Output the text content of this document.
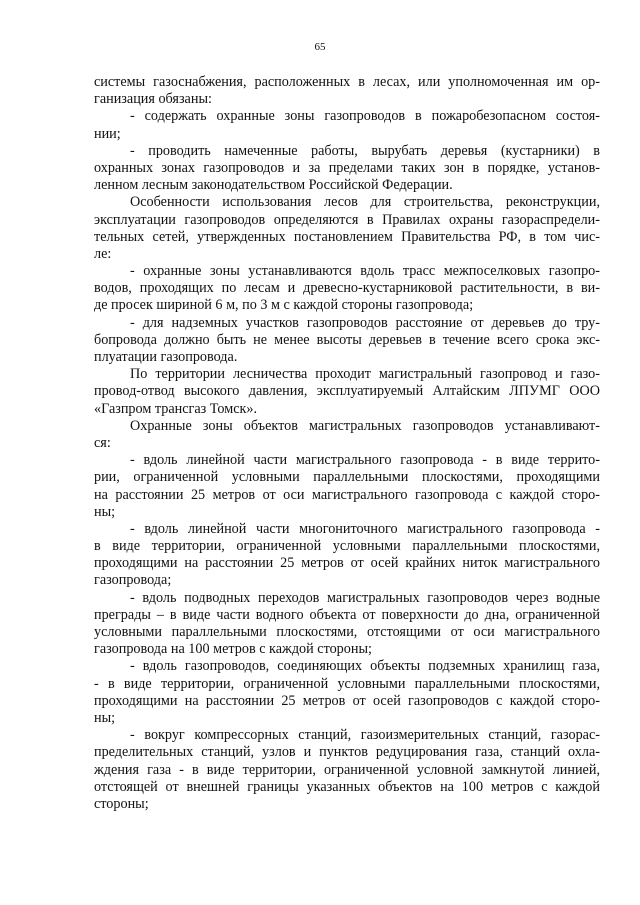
65
системы газоснабжения, расположенных в лесах, или уполномоченная им ор-
ганизация обязаны:
- содержать охранные зоны газопроводов в пожаробезопасном состоя-
нии;
- проводить намеченные работы, вырубать деревья (кустарники) в
охранных зонах газопроводов и за пределами таких зон в порядке, установ-
ленном лесным законодательством Российской Федерации.
Особенности использования лесов для строительства, реконструкции,
эксплуатации газопроводов определяются в Правилах охраны газораспредели-
тельных сетей, утвержденных постановлением Правительства РФ, в том чис-
ле:
- охранные зоны устанавливаются вдоль трасс межпоселковых газопро-
водов, проходящих по лесам и древесно-кустарниковой растительности, в ви-
де просек шириной 6 м, по 3 м с каждой стороны газопровода;
- для надземных участков газопроводов расстояние от деревьев до тру-
бопровода должно быть не менее высоты деревьев в течение всего срока экс-
плуатации газопровода.
По территории лесничества проходит магистральный газопровод и газо-
провод-отвод высокого давления, эксплуатируемый Алтайским ЛПУМГ ООО
«Газпром трансгаз Томск».
Охранные зоны объектов магистральных газопроводов устанавливают-
ся:
- вдоль линейной части магистрального газопровода - в виде террито-
рии, ограниченной условными параллельными плоскостями, проходящими
на расстоянии 25 метров от оси магистрального газопровода с каждой сторо-
ны;
- вдоль линейной части многониточного магистрального газопровода -
в виде территории, ограниченной условными параллельными плоскостями,
проходящими на расстоянии 25 метров от осей крайних ниток магистрального
газопровода;
- вдоль подводных переходов магистральных газопроводов через водные
преграды – в виде части водного объекта от поверхности до дна, ограниченной
условными параллельными плоскостями, отстоящими от оси магистрального
газопровода на 100 метров с каждой стороны;
- вдоль газопроводов, соединяющих объекты подземных хранилищ газа,
- в виде территории, ограниченной условными параллельными плоскостями,
проходящими на расстоянии 25 метров от осей газопроводов с каждой сторо-
ны;
- вокруг компрессорных станций, газоизмерительных станций, газорас-
пределительных станций, узлов и пунктов редуцирования газа, станций охла-
ждения газа - в виде территории, ограниченной условной замкнутой линией,
отстоящей от внешней границы указанных объектов на 100 метров с каждой
стороны;
